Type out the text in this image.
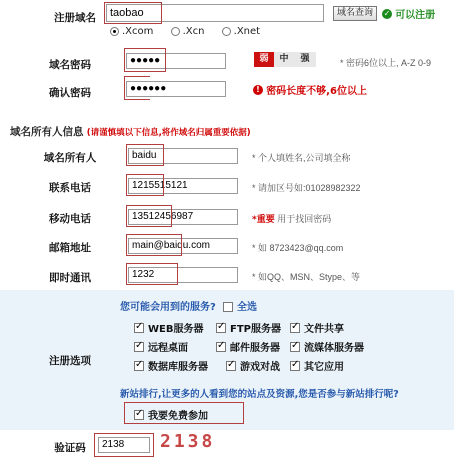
注册域名	taobao	域名查询	✓ 可以注册
.Xcom	.Xcn	.Xnet
域名密码	●●●●●	弱 中 强	* 密码6位以上, A-Z 0-9
确认密码	●●●●●●	! 密码长度不够,6位以上
域名所有人信息 (请谨慎填以下信息,将作域名归属重要依据)
域名所有人	baidu	* 个人填姓名,公司填全称
联系电话	1215515121	* 请加区号如:01028982322
移动电话	13512456987	*重要 用于找回密码
邮箱地址	main@baidu.com	* 如 8723423@qq.com
即时通讯	1232	* 如QQ、MSN、Stype、等
注册选项
您可能会用到的服务? 全选
✓WEB服务器 ✓	FTP服务器 ✓	文件共享
✓远程桌面 ✓	邮件服务器 ✓	流媒体服务器
✓数据库服务器 ✓	游戏对战 ✓	其它应用
新站排行,让更多的人看到您的站点及资源,您是否参与新站排行呢?
✓我要免费参加
验证码	2138	2138
